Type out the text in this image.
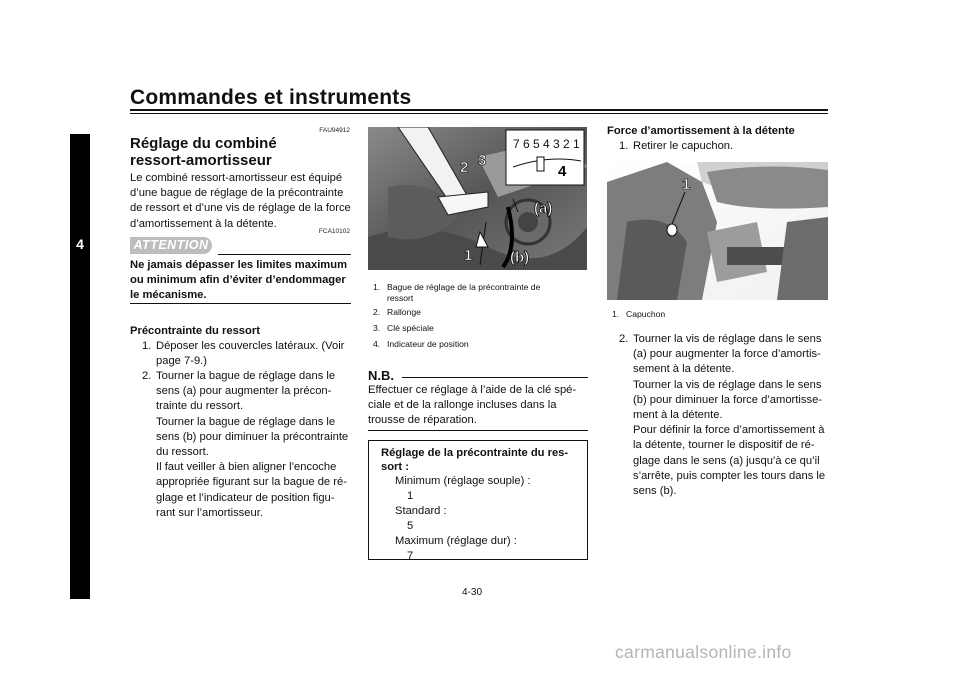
Commandes et instruments
4
FAU94912
Réglage du combiné
ressort-amortisseur
Le combiné ressort-amortisseur est équipé
d’une bague de réglage de la précontrainte
de ressort et d’une vis de réglage de la force
d’amortissement à la détente.
FCA10102
ATTENTION
Ne jamais dépasser les limites maximum
ou minimum afin d’éviter d’endommager
le mécanisme.
Précontrainte du ressort
1. Déposer les couvercles latéraux. (Voir
page 7-9.)
2. Tourner la bague de réglage dans le
sens (a) pour augmenter la précon-
trainte du ressort.
Tourner la bague de réglage dans le
sens (b) pour diminuer la précontrainte
du ressort.
Il faut veiller à bien aligner l’encoche
appropriée figurant sur la bague de ré-
glage et l’indicateur de position figu-
rant sur l’amortisseur.
7 6 5 4 3 2 1
2 3
4
(a)
(b)
1
1. Bague de réglage de la précontrainte de
ressort
2. Rallonge
3. Clé spéciale
4. Indicateur de position
N.B.
Effectuer ce réglage à l’aide de la clé spé-
ciale et de la rallonge incluses dans la
trousse de réparation.
Réglage de la précontrainte du res-
sort :
Minimum (réglage souple) :
1
Standard :
5
Maximum (réglage dur) :
7
Force d’amortissement à la détente
1. Retirer le capuchon.
1
1. Capuchon
2. Tourner la vis de réglage dans le sens
(a) pour augmenter la force d’amortis-
sement à la détente.
Tourner la vis de réglage dans le sens
(b) pour diminuer la force d’amortisse-
ment à la détente.
Pour définir la force d’amortissement à
la détente, tourner le dispositif de ré-
glage dans le sens (a) jusqu’à ce qu’il
s’arrête, puis compter les tours dans le
sens (b).
4-30
carmanualsonline.info
